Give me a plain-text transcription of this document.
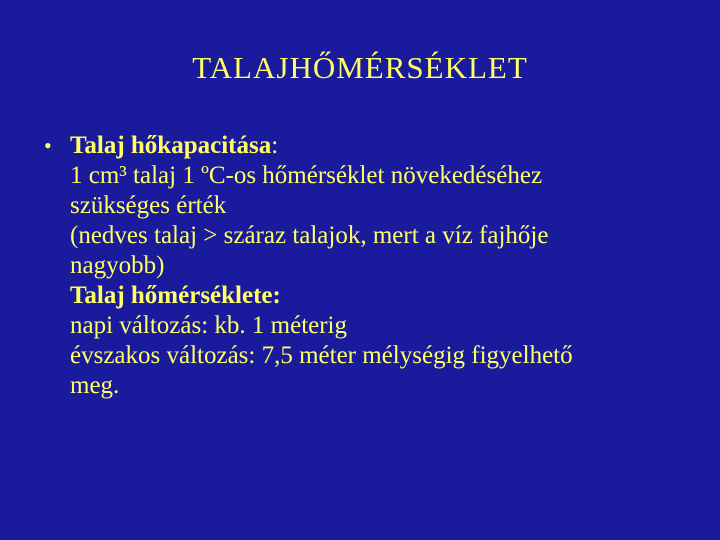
TALAJHŐMÉRSÉKLET
• Talaj hőkapacitása:
1 cm³ talaj 1 ºC-os hőmérséklet növekedéséhez
szükséges érték
(nedves talaj > száraz talajok, mert a víz fajhője
nagyobb)
Talaj hőmérséklete:
napi változás: kb. 1 méterig
évszakos változás: 7,5 méter mélységig figyelhető
meg.
